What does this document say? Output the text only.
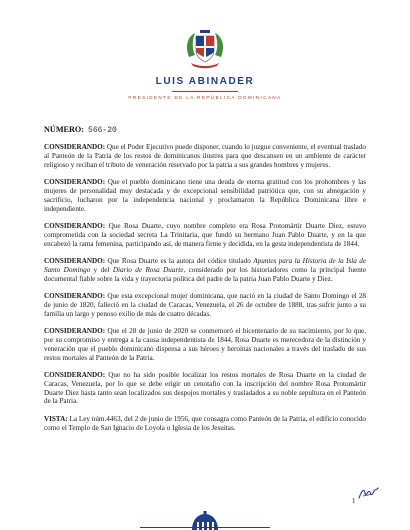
LUIS ABINADER
PRESIDENTE DE LA REPÚBLICA DOMINICANA
NÚMERO: 566-20

CONSIDERANDO: Que el Poder Ejecutivo puede disponer, cuando lo juzgue conveniente, el eventual traslado al Panteón de la Patria de los restos de dominicanos ilustres para que descansen en un ambiente de carácter religioso y reciban el tributo de veneración reservado por la patria a sus grandes hombres y mujeres.

CONSIDERANDO: Que el pueblo dominicano tiene una deuda de eterna gratitud con los prohombres y las mujeres de personalidad muy destacada y de excepcional sensibilidad patriótica que, con su abnegación y sacrificio, lucharon por la independencia nacional y proclamaron la República Dominicana libre e independiente.

CONSIDERANDO: Que Rosa Duarte, cuyo nombre completo era Rosa Protomártir Duarte Diez, estuvo comprometida con la sociedad secreta La Trinitaria, que fundó su hermano Juan Pablo Duarte, y en la que encabezó la rama femenina, participando así, de manera firme y decidida, en la gesta independentista de 1844.

CONSIDERANDO: Que Rosa Duarte es la autora del códice titulado Apuntes para la Historia de la Isla de Santo Domingo y del Diario de Rosa Duarte, considerado por los historiadores como la principal fuente documental fiable sobre la vida y trayectoria política del padre de la patria Juan Pablo Duarte y Diez.

CONSIDERANDO: Que esta excepcional mujer dominicana, que nació en la ciudad de Santo Domingo el 28 de junio de 1820, falleció en la ciudad de Caracas, Venezuela, el 26 de octubre de 1888, tras sufrir junto a su familia un largo y penoso exilio de más de cuatro décadas.

CONSIDERANDO: Que el 28 de junio de 2020 se conmemoró el bicentenario de su nacimiento, por lo que, por su compromiso y entrega a la causa independentista de 1844, Rosa Duarte es merecedora de la distinción y veneración que el pueblo dominicano dispensa a sus héroes y heroínas nacionales a través del traslado de sus restos mortales al Panteón de la Patria.

CONSIDERANDO: Que no ha sido posible localizar los restos mortales de Rosa Duarte en la ciudad de Caracas, Venezuela, por lo que se debe erigir un cenotafio con la inscripción del nombre Rosa Protomártir Duarte Diez hasta tanto sean localizados sus despojos mortales y trasladados a su noble sepultura en el Panteón de la Patria.

VISTA: La Ley núm.4463, del 2 de junio de 1956, que consagra como Panteón de la Patria, el edificio conocido como el Templo de San Ignacio de Loyola o Iglesia de los Jesuitas.

1
